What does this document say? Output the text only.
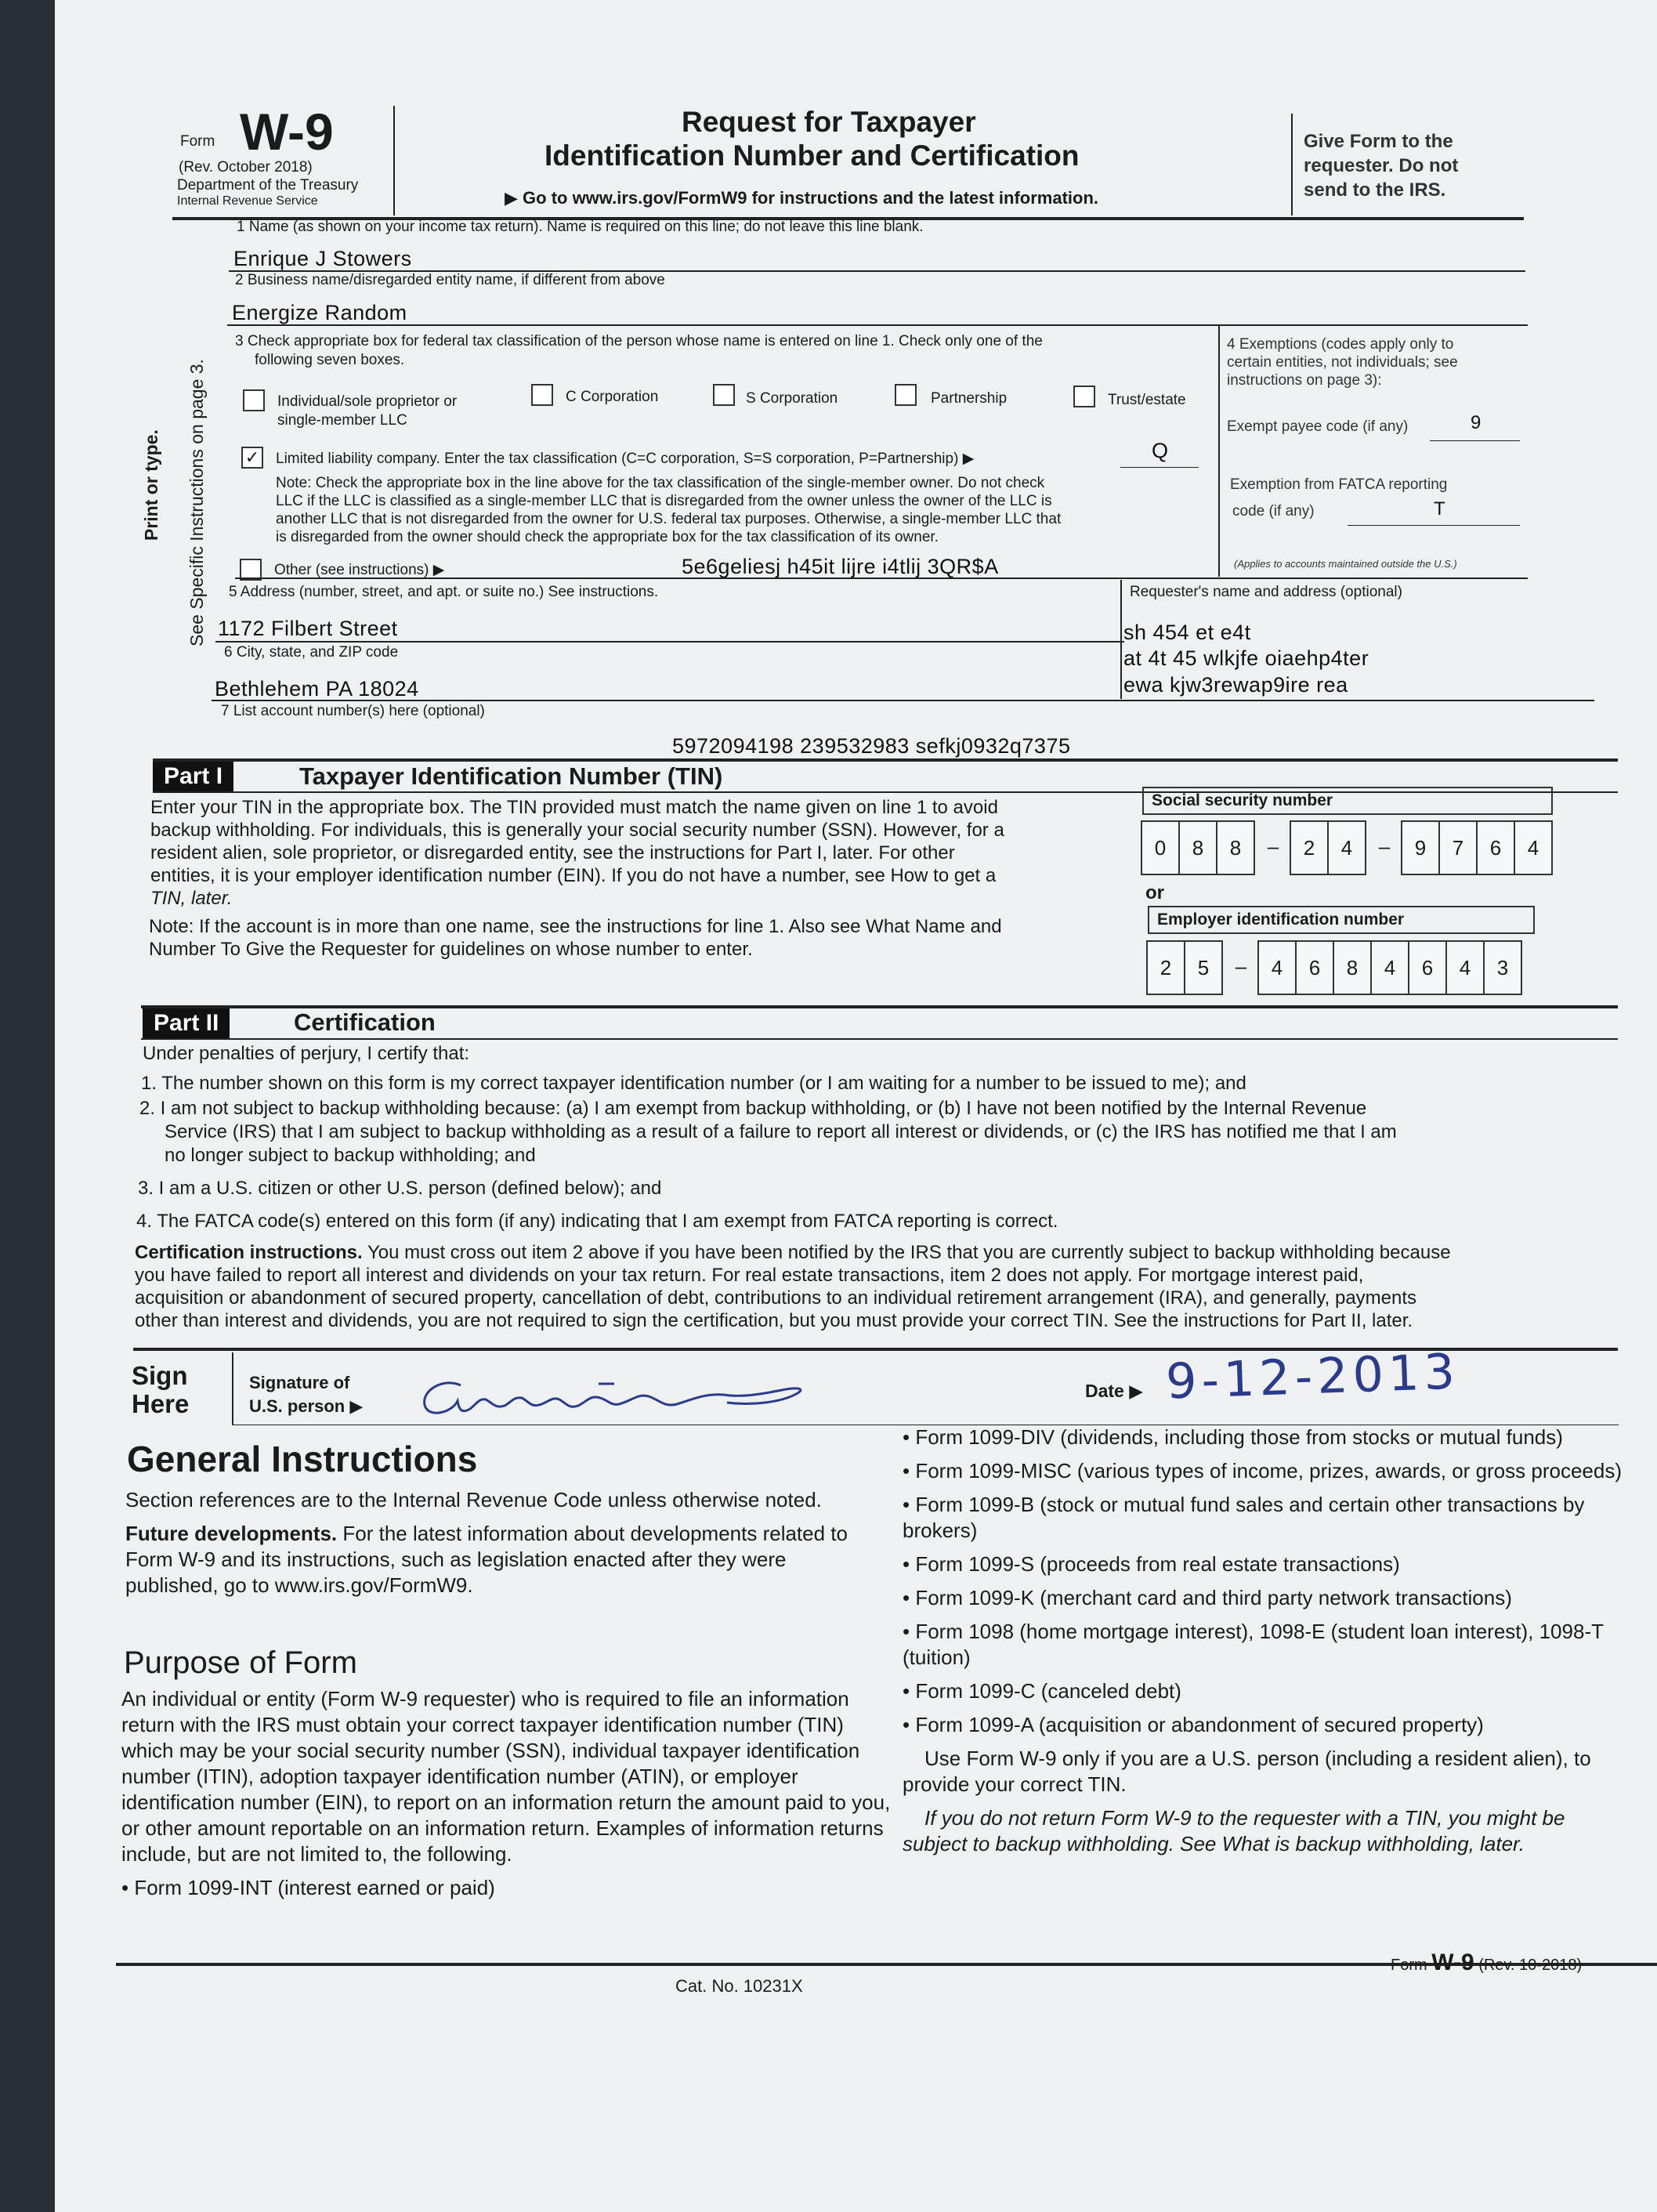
Form W-9
(Rev. October 2018)
Department of the Treasury
Internal Revenue Service
Request for Taxpayer
Identification Number and Certification
▶ Go to www.irs.gov/FormW9 for instructions and the latest information.
Give Form to the requester. Do not send to the IRS.
Print or type. See Specific Instructions on page 3.
1 Name (as shown on your income tax return). Name is required on this line; do not leave this line blank.
Enrique J Stowers
2 Business name/disregarded entity name, if different from above
Energize Random
3 Check appropriate box for federal tax classification of the person whose name is entered on line 1. Check only one of the
following seven boxes.
Individual/sole proprietor or
single-member LLC
C Corporation	S Corporation	Partnership	Trust/estate
✓ Limited liability company. Enter the tax classification (C=C corporation, S=S corporation, P=Partnership) ▶	Q
Note: Check the appropriate box in the line above for the tax classification of the single-member owner. Do not check
LLC if the LLC is classified as a single-member LLC that is disregarded from the owner unless the owner of the LLC is
another LLC that is not disregarded from the owner for U.S. federal tax purposes. Otherwise, a single-member LLC that
is disregarded from the owner should check the appropriate box for the tax classification of its owner.
Other (see instructions) ▶	5e6geliesj h45it lijre i4tlij 3QR$A
4 Exemptions (codes apply only to
certain entities, not individuals; see
instructions on page 3):
Exempt payee code (if any)	9
Exemption from FATCA reporting
code (if any)	T
(Applies to accounts maintained outside the U.S.)
5 Address (number, street, and apt. or suite no.) See instructions.
1172 Filbert Street
Requester's name and address (optional)
sh 454 et e4t
at 4t 45 wlkjfe oiaehp4ter
ewa kjw3rewap9ire rea
6 City, state, and ZIP code
Bethlehem PA 18024
7 List account number(s) here (optional)
5972094198 239532983 sefkj0932q7375
Part I	Taxpayer Identification Number (TIN)
Enter your TIN in the appropriate box. The TIN provided must match the name given on line 1 to avoid
backup withholding. For individuals, this is generally your social security number (SSN). However, for a
resident alien, sole proprietor, or disregarded entity, see the instructions for Part I, later. For other
entities, it is your employer identification number (EIN). If you do not have a number, see How to get a
TIN, later.
Note: If the account is in more than one name, see the instructions for line 1. Also see What Name and
Number To Give the Requester for guidelines on whose number to enter.
Social security number
0	8	8	–	2	4	–	9	7	6	4
or
Employer identification number
2	5	–	4	6	8	4	6	4	3
Part II	Certification
Under penalties of perjury, I certify that:
1. The number shown on this form is my correct taxpayer identification number (or I am waiting for a number to be issued to me); and
2. I am not subject to backup withholding because: (a) I am exempt from backup withholding, or (b) I have not been notified by the Internal Revenue
Service (IRS) that I am subject to backup withholding as a result of a failure to report all interest or dividends, or (c) the IRS has notified me that I am
no longer subject to backup withholding; and
3. I am a U.S. citizen or other U.S. person (defined below); and
4. The FATCA code(s) entered on this form (if any) indicating that I am exempt from FATCA reporting is correct.
Certification instructions. You must cross out item 2 above if you have been notified by the IRS that you are currently subject to backup withholding because
you have failed to report all interest and dividends on your tax return. For real estate transactions, item 2 does not apply. For mortgage interest paid,
acquisition or abandonment of secured property, cancellation of debt, contributions to an individual retirement arrangement (IRA), and generally, payments
other than interest and dividends, you are not required to sign the certification, but you must provide your correct TIN. See the instructions for Part II, later.
Sign
Here
Signature of
U.S. person ▶
Date ▶ 9-12-2013
General Instructions

Section references are to the Internal Revenue Code unless otherwise noted.

Future developments. For the latest information about developments related to Form W-9 and its instructions, such as legislation enacted after they were published, go to www.irs.gov/FormW9.

Purpose of Form

An individual or entity (Form W-9 requester) who is required to file an information return with the IRS must obtain your correct taxpayer identification number (TIN) which may be your social security number (SSN), individual taxpayer identification number (ITIN), adoption taxpayer identification number (ATIN), or employer identification number (EIN), to report on an information return the amount paid to you, or other amount reportable on an information return. Examples of information returns include, but are not limited to, the following.

• Form 1099-INT (interest earned or paid)

• Form 1099-DIV (dividends, including those from stocks or mutual funds)

• Form 1099-MISC (various types of income, prizes, awards, or gross proceeds)

• Form 1099-B (stock or mutual fund sales and certain other transactions by brokers)

• Form 1099-S (proceeds from real estate transactions)

• Form 1099-K (merchant card and third party network transactions)

• Form 1098 (home mortgage interest), 1098-E (student loan interest), 1098-T (tuition)

• Form 1099-C (canceled debt)

• Form 1099-A (acquisition or abandonment of secured property)

Use Form W-9 only if you are a U.S. person (including a resident alien), to provide your correct TIN.

If you do not return Form W-9 to the requester with a TIN, you might be subject to backup withholding. See What is backup withholding, later.

Cat. No. 10231X
Form W-9 (Rev. 10-2018)
